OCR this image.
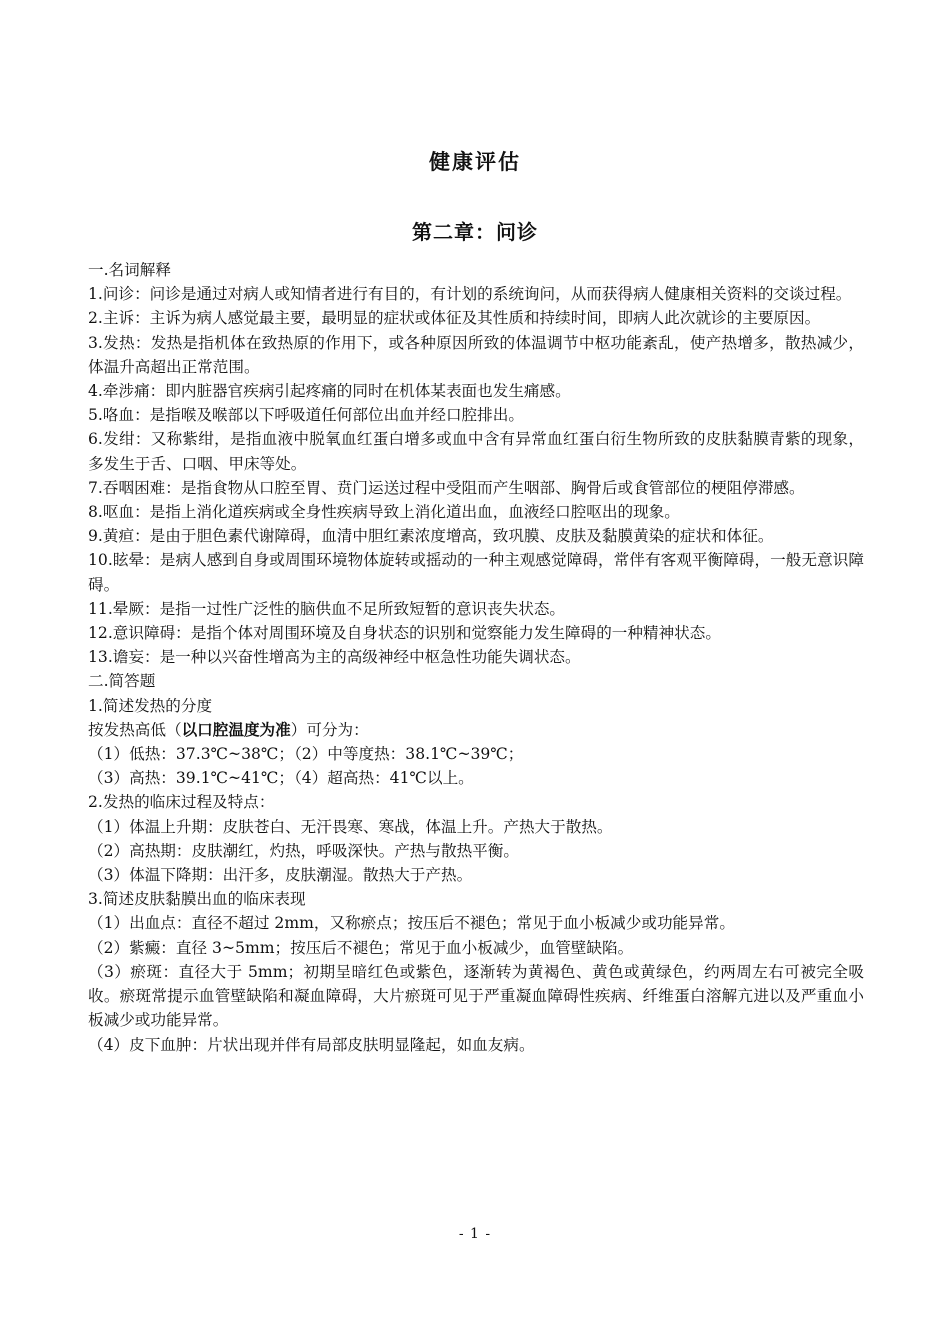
健康评估
第二章：问诊

一.名词解释

1.问诊：问诊是通过对病人或知情者进行有目的，有计划的系统询问，从而获得病人健康相关资料的交谈过程。

2.主诉：主诉为病人感觉最主要，最明显的症状或体征及其性质和持续时间，即病人此次就诊的主要原因。

3.发热：发热是指机体在致热原的作用下，或各种原因所致的体温调节中枢功能紊乱，使产热增多，散热减少，体温升高超出正常范围。

4.牵涉痛：即内脏器官疾病引起疼痛的同时在机体某表面也发生痛感。

5.咯血：是指喉及喉部以下呼吸道任何部位出血并经口腔排出。

6.发绀：又称紫绀，是指血液中脱氧血红蛋白增多或血中含有异常血红蛋白衍生物所致的皮肤黏膜青紫的现象，多发生于舌、口咽、甲床等处。

7.吞咽困难：是指食物从口腔至胃、贲门运送过程中受阻而产生咽部、胸骨后或食管部位的梗阻停滞感。

8.呕血：是指上消化道疾病或全身性疾病导致上消化道出血，血液经口腔呕出的现象。

9.黄疸：是由于胆色素代谢障碍，血清中胆红素浓度增高，致巩膜、皮肤及黏膜黄染的症状和体征。

10.眩晕：是病人感到自身或周围环境物体旋转或摇动的一种主观感觉障碍，常伴有客观平衡障碍，一般无意识障碍。

11.晕厥：是指一过性广泛性的脑供血不足所致短暂的意识丧失状态。

12.意识障碍：是指个体对周围环境及自身状态的识别和觉察能力发生障碍的一种精神状态。

13.谵妄：是一种以兴奋性增高为主的高级神经中枢急性功能失调状态。

二.简答题

1.简述发热的分度

按发热高低（以口腔温度为准）可分为：

（1）低热：37.3℃~38℃；（2）中等度热：38.1℃~39℃；

（3）高热：39.1℃~41℃；（4）超高热：41℃以上。

2.发热的临床过程及特点：

（1）体温上升期：皮肤苍白、无汗畏寒、寒战，体温上升。产热大于散热。

（2）高热期：皮肤潮红，灼热，呼吸深快。产热与散热平衡。

（3）体温下降期：出汗多，皮肤潮湿。散热大于产热。

3.简述皮肤黏膜出血的临床表现

（1）出血点：直径不超过 2mm，又称瘀点；按压后不褪色；常见于血小板减少或功能异常。

（2）紫癜：直径 3~5mm；按压后不褪色；常见于血小板减少，血管壁缺陷。

（3）瘀斑：直径大于 5mm；初期呈暗红色或紫色，逐渐转为黄褐色、黄色或黄绿色，约两周左右可被完全吸收。瘀斑常提示血管壁缺陷和凝血障碍，大片瘀斑可见于严重凝血障碍性疾病、纤维蛋白溶解亢进以及严重血小板减少或功能异常。

（4）皮下血肿：片状出现并伴有局部皮肤明显隆起，如血友病。

- 1 -
